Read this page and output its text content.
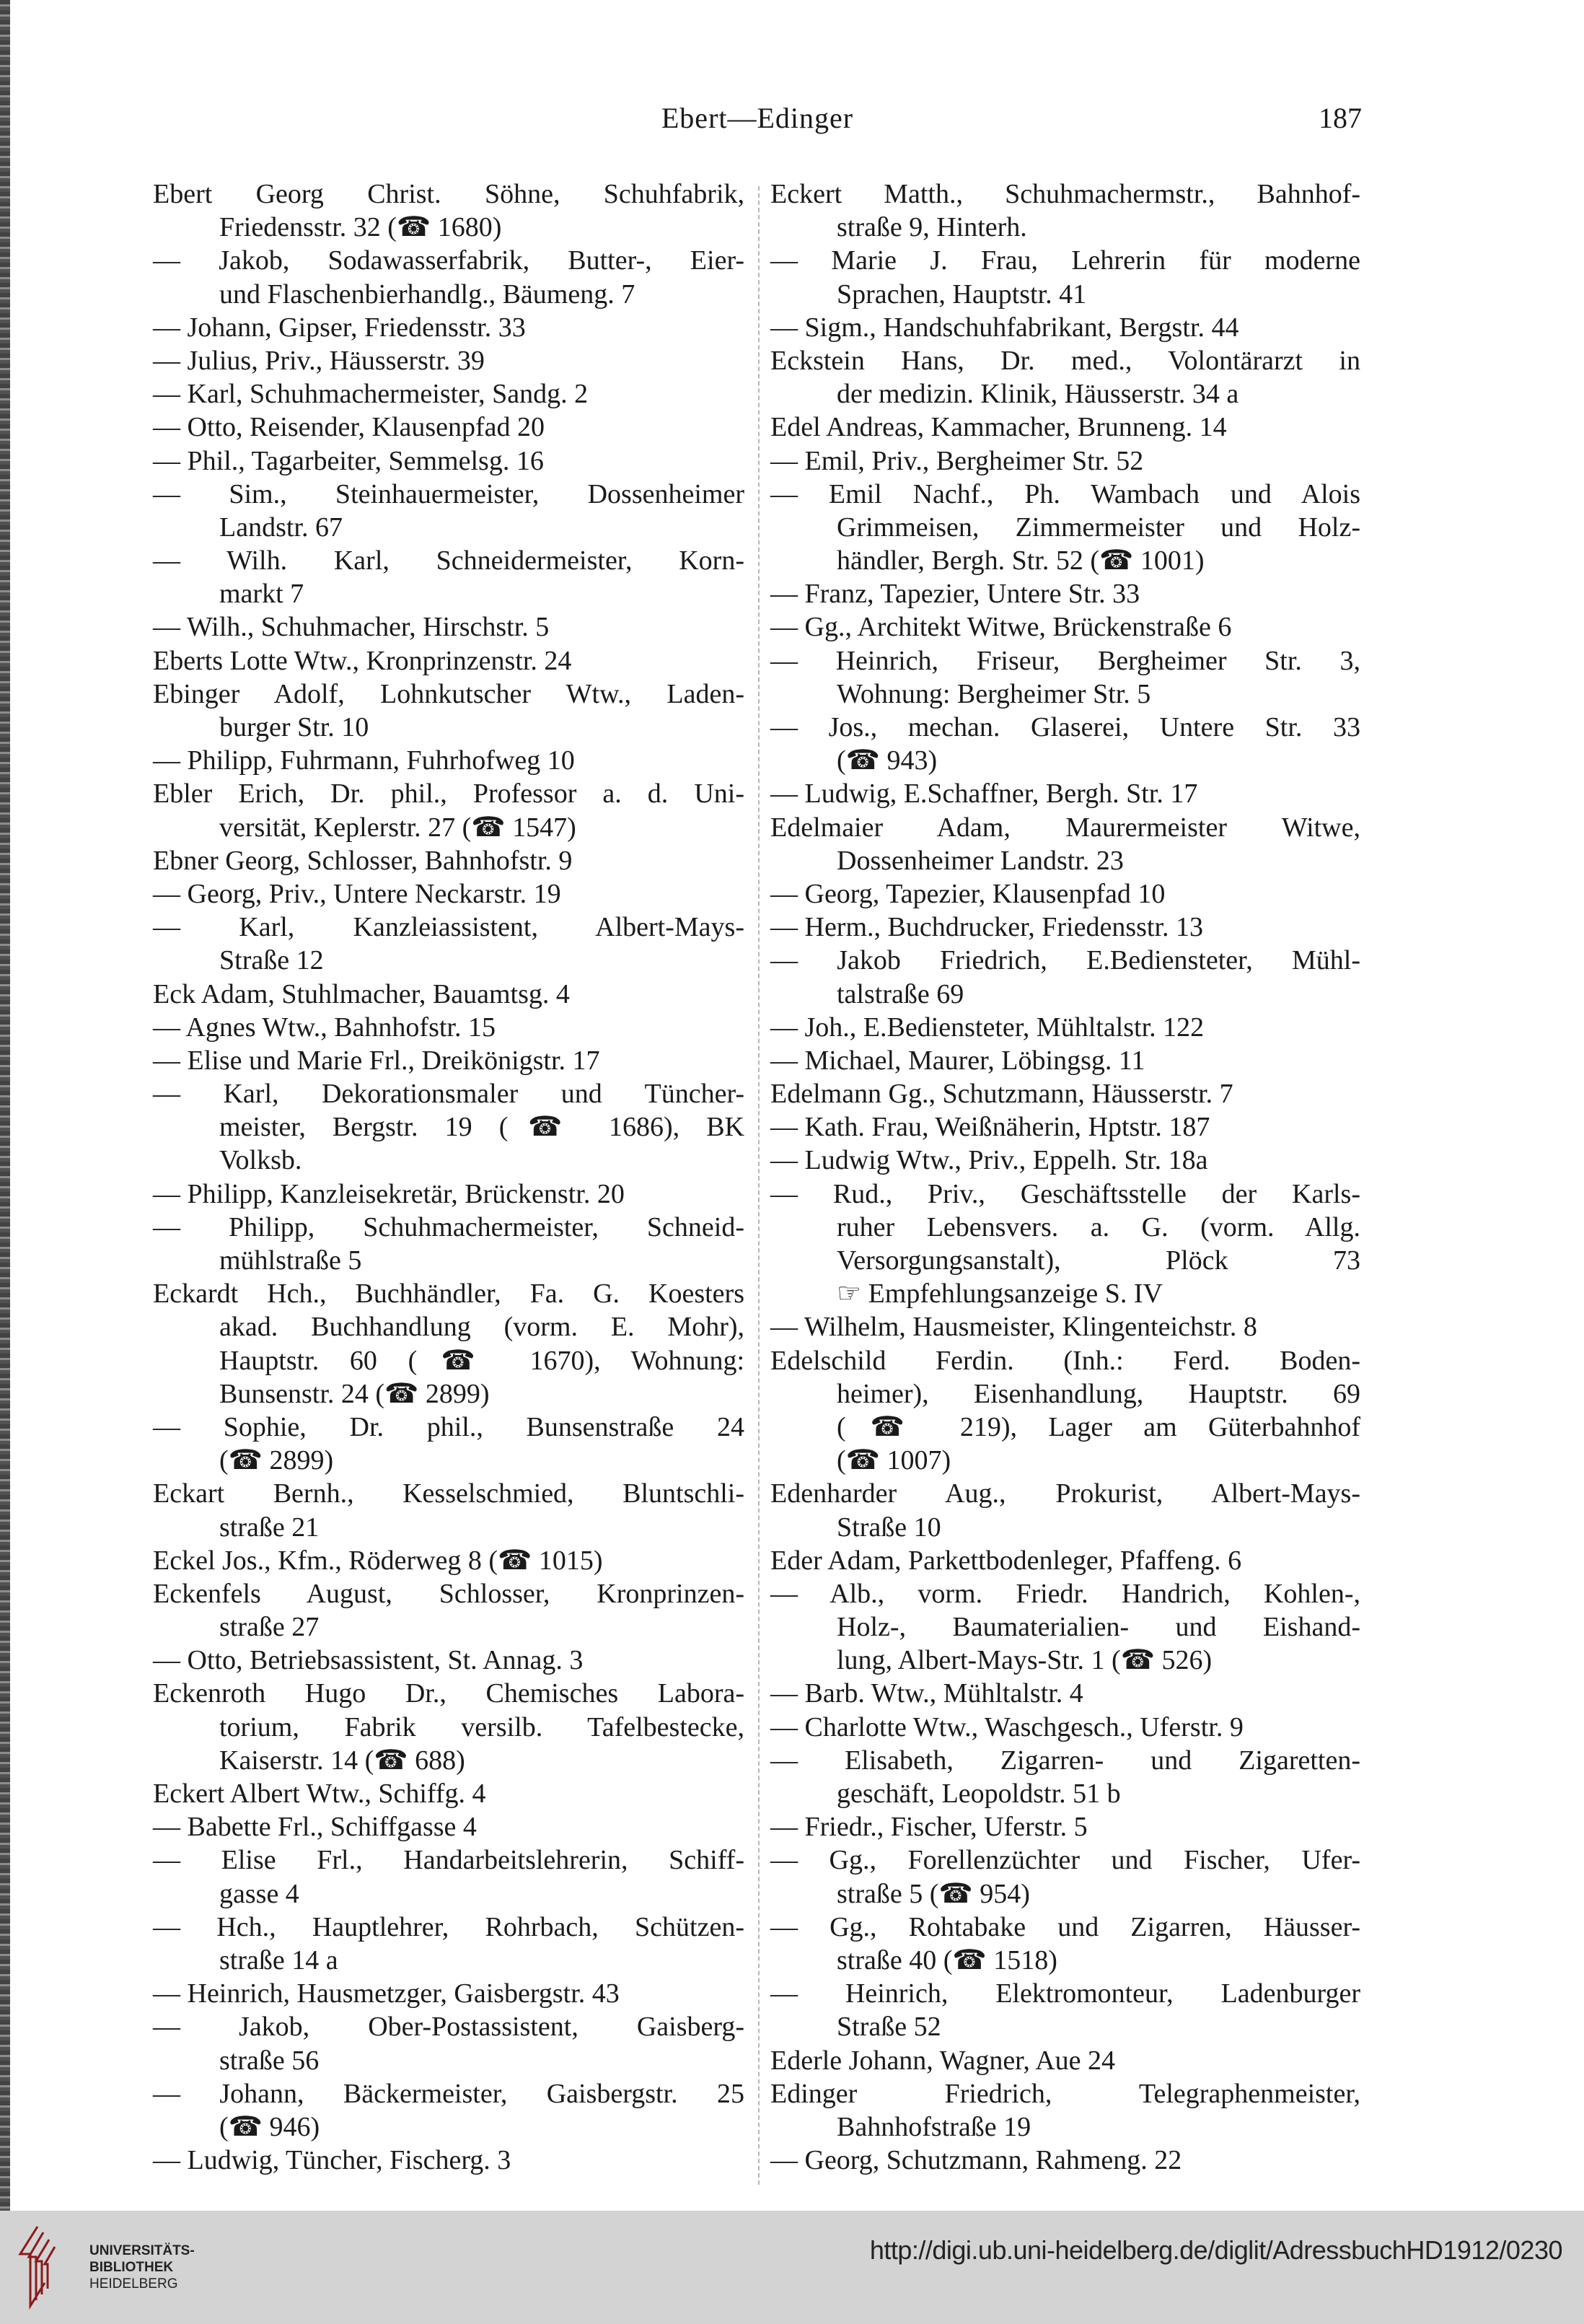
Ebert—Edinger	187
Ebert Georg Christ. Söhne, Schuhfabrik,
Friedensstr. 32 (☎ 1680)
— Jakob, Sodawasserfabrik, Butter-, Eier-
und Flaschenbierhandlg., Bäumeng. 7
— Johann, Gipser, Friedensstr. 33
— Julius, Priv., Häusserstr. 39
— Karl, Schuhmachermeister, Sandg. 2
— Otto, Reisender, Klausenpfad 20
— Phil., Tagarbeiter, Semmelsg. 16
— Sim., Steinhauermeister, Dossenheimer
Landstr. 67
— Wilh. Karl, Schneidermeister, Korn-
markt 7
— Wilh., Schuhmacher, Hirschstr. 5
Eberts Lotte Wtw., Kronprinzenstr. 24
Ebinger Adolf, Lohnkutscher Wtw., Laden-
burger Str. 10
— Philipp, Fuhrmann, Fuhrhofweg 10
Ebler Erich, Dr. phil., Professor a. d. Uni-
versität, Keplerstr. 27 (☎ 1547)
Ebner Georg, Schlosser, Bahnhofstr. 9
— Georg, Priv., Untere Neckarstr. 19
— Karl, Kanzleiassistent, Albert-Mays-
Straße 12
Eck Adam, Stuhlmacher, Bauamtsg. 4
— Agnes Wtw., Bahnhofstr. 15
— Elise und Marie Frl., Dreikönigstr. 17
— Karl, Dekorationsmaler und Tüncher-
meister, Bergstr. 19 (☎ 1686), BK
Volksb.
— Philipp, Kanzleisekretär, Brückenstr. 20
— Philipp, Schuhmachermeister, Schneid-
mühlstraße 5
Eckardt Hch., Buchhändler, Fa. G. Koesters
akad. Buchhandlung (vorm. E. Mohr),
Hauptstr. 60 (☎ 1670), Wohnung:
Bunsenstr. 24 (☎ 2899)
— Sophie, Dr. phil., Bunsenstraße 24
(☎ 2899)
Eckart Bernh., Kesselschmied, Bluntschli-
straße 21
Eckel Jos., Kfm., Röderweg 8 (☎ 1015)
Eckenfels August, Schlosser, Kronprinzen-
straße 27
— Otto, Betriebsassistent, St. Annag. 3
Eckenroth Hugo Dr., Chemisches Labora-
torium, Fabrik versilb. Tafelbestecke,
Kaiserstr. 14 (☎ 688)
Eckert Albert Wtw., Schiffg. 4
— Babette Frl., Schiffgasse 4
— Elise Frl., Handarbeitslehrerin, Schiff-
gasse 4
— Hch., Hauptlehrer, Rohrbach, Schützen-
straße 14 a
— Heinrich, Hausmetzger, Gaisbergstr. 43
— Jakob, Ober-Postassistent, Gaisberg-
straße 56
— Johann, Bäckermeister, Gaisbergstr. 25
(☎ 946)
— Ludwig, Tüncher, Fischerg. 3
Eckert Matth., Schuhmachermstr., Bahnhof-
straße 9, Hinterh.
— Marie J. Frau, Lehrerin für moderne
Sprachen, Hauptstr. 41
— Sigm., Handschuhfabrikant, Bergstr. 44
Eckstein Hans, Dr. med., Volontärarzt in
der medizin. Klinik, Häusserstr. 34 a
Edel Andreas, Kammacher, Brunneng. 14
— Emil, Priv., Bergheimer Str. 52
— Emil Nachf., Ph. Wambach und Alois
Grimmeisen, Zimmermeister und Holz-
händler, Bergh. Str. 52 (☎ 1001)
— Franz, Tapezier, Untere Str. 33
— Gg., Architekt Witwe, Brückenstraße 6
— Heinrich, Friseur, Bergheimer Str. 3,
Wohnung: Bergheimer Str. 5
— Jos., mechan. Glaserei, Untere Str. 33
(☎ 943)
— Ludwig, E.Schaffner, Bergh. Str. 17
Edelmaier Adam, Maurermeister Witwe,
Dossenheimer Landstr. 23
— Georg, Tapezier, Klausenpfad 10
— Herm., Buchdrucker, Friedensstr. 13
— Jakob Friedrich, E.Bediensteter, Mühl-
talstraße 69
— Joh., E.Bediensteter, Mühltalstr. 122
— Michael, Maurer, Löbingsg. 11
Edelmann Gg., Schutzmann, Häusserstr. 7
— Kath. Frau, Weißnäherin, Hptstr. 187
— Ludwig Wtw., Priv., Eppelh. Str. 18a
— Rud., Priv., Geschäftsstelle der Karls-
ruher Lebensvers. a. G. (vorm. Allg.
Versorgungsanstalt), Plöck 73
☞ Empfehlungsanzeige S. IV
— Wilhelm, Hausmeister, Klingenteichstr. 8
Edelschild Ferdin. (Inh.: Ferd. Boden-
heimer), Eisenhandlung, Hauptstr. 69
(☎ 219), Lager am Güterbahnhof
(☎ 1007)
Edenharder Aug., Prokurist, Albert-Mays-
Straße 10
Eder Adam, Parkettbodenleger, Pfaffeng. 6
— Alb., vorm. Friedr. Handrich, Kohlen-,
Holz-, Baumaterialien- und Eishand-
lung, Albert-Mays-Str. 1 (☎ 526)
— Barb. Wtw., Mühltalstr. 4
— Charlotte Wtw., Waschgesch., Uferstr. 9
— Elisabeth, Zigarren- und Zigaretten-
geschäft, Leopoldstr. 51 b
— Friedr., Fischer, Uferstr. 5
— Gg., Forellenzüchter und Fischer, Ufer-
straße 5 (☎ 954)
— Gg., Rohtabake und Zigarren, Häusser-
straße 40 (☎ 1518)
— Heinrich, Elektromonteur, Ladenburger
Straße 52
Ederle Johann, Wagner, Aue 24
Edinger Friedrich, Telegraphenmeister,
Bahnhofstraße 19
— Georg, Schutzmann, Rahmeng. 22
UNIVERSITÄTS-
BIBLIOTHEK
HEIDELBERG
http://digi.ub.uni-heidelberg.de/diglit/AdressbuchHD1912/0230
